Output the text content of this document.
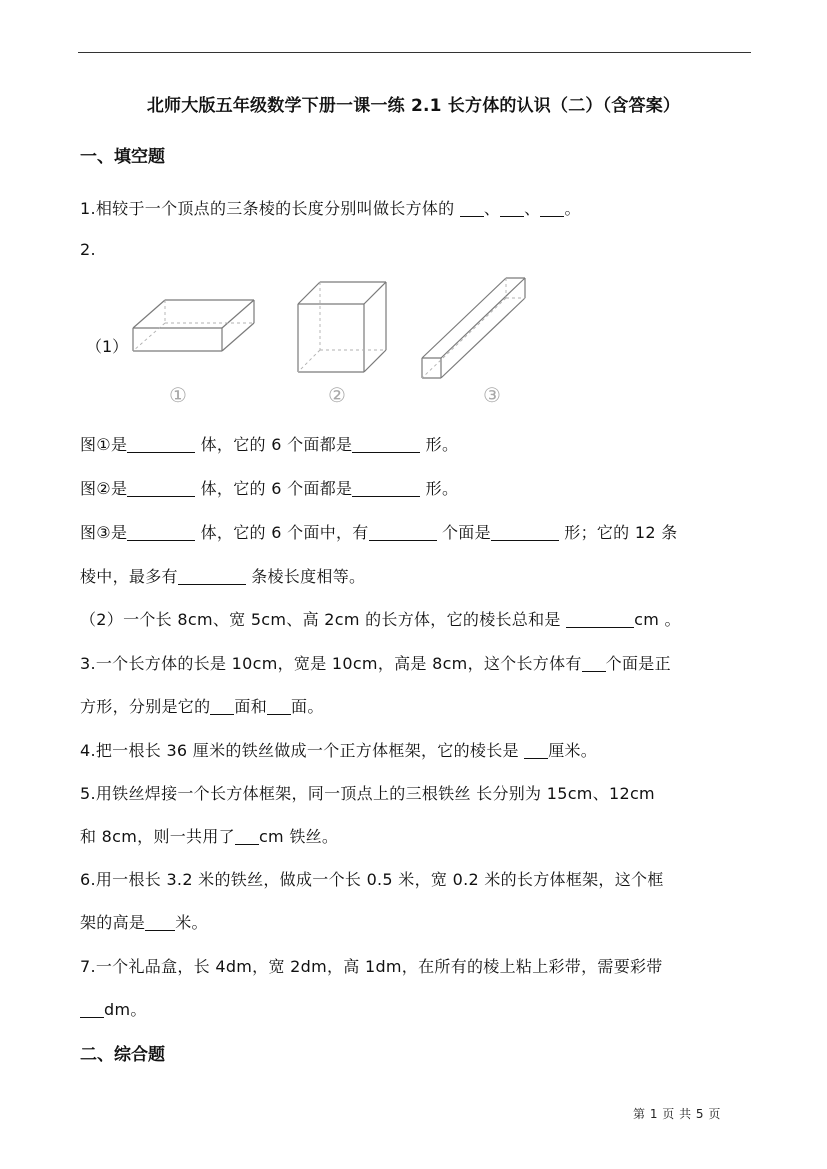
北师大版五年级数学下册一课一练 2.1 长方体的认识（二）（含答案）
一、填空题
1.相较于一个顶点的三条棱的长度分别叫做长方体的 、 、 。
2.
（1）
①	②	③
图①是	体，它的 6 个面都是	形。
图②是	体，它的 6 个面都是	形。
图③是	体，它的 6 个面中，有	个面是	形；它的 12 条
棱中，最多有	条棱长度相等。
（2）一个长 8cm、宽 5cm、高 2cm 的长方体，它的棱长总和是	cm 。
3.一个长方体的长是 10cm，宽是 10cm，高是 8cm，这个长方体有 个面是正
方形，分别是它的 面和 面。
4.把一根长 36 厘米的铁丝做成一个正方体框架，它的棱长是 厘米。
5.用铁丝焊接一个长方体框架，同一顶点上的三根铁丝 长分别为 15cm、12cm
和 8cm，则一共用了 cm 铁丝。
6.用一根长 3.2 米的铁丝，做成一个长 0.5 米，宽 0.2 米的长方体框架，这个框
架的高是 米。
7.一个礼品盒，长 4dm，宽 2dm，高 1dm，在所有的棱上粘上彩带，需要彩带
dm。
二、综合题
第 1 页 共 5 页
